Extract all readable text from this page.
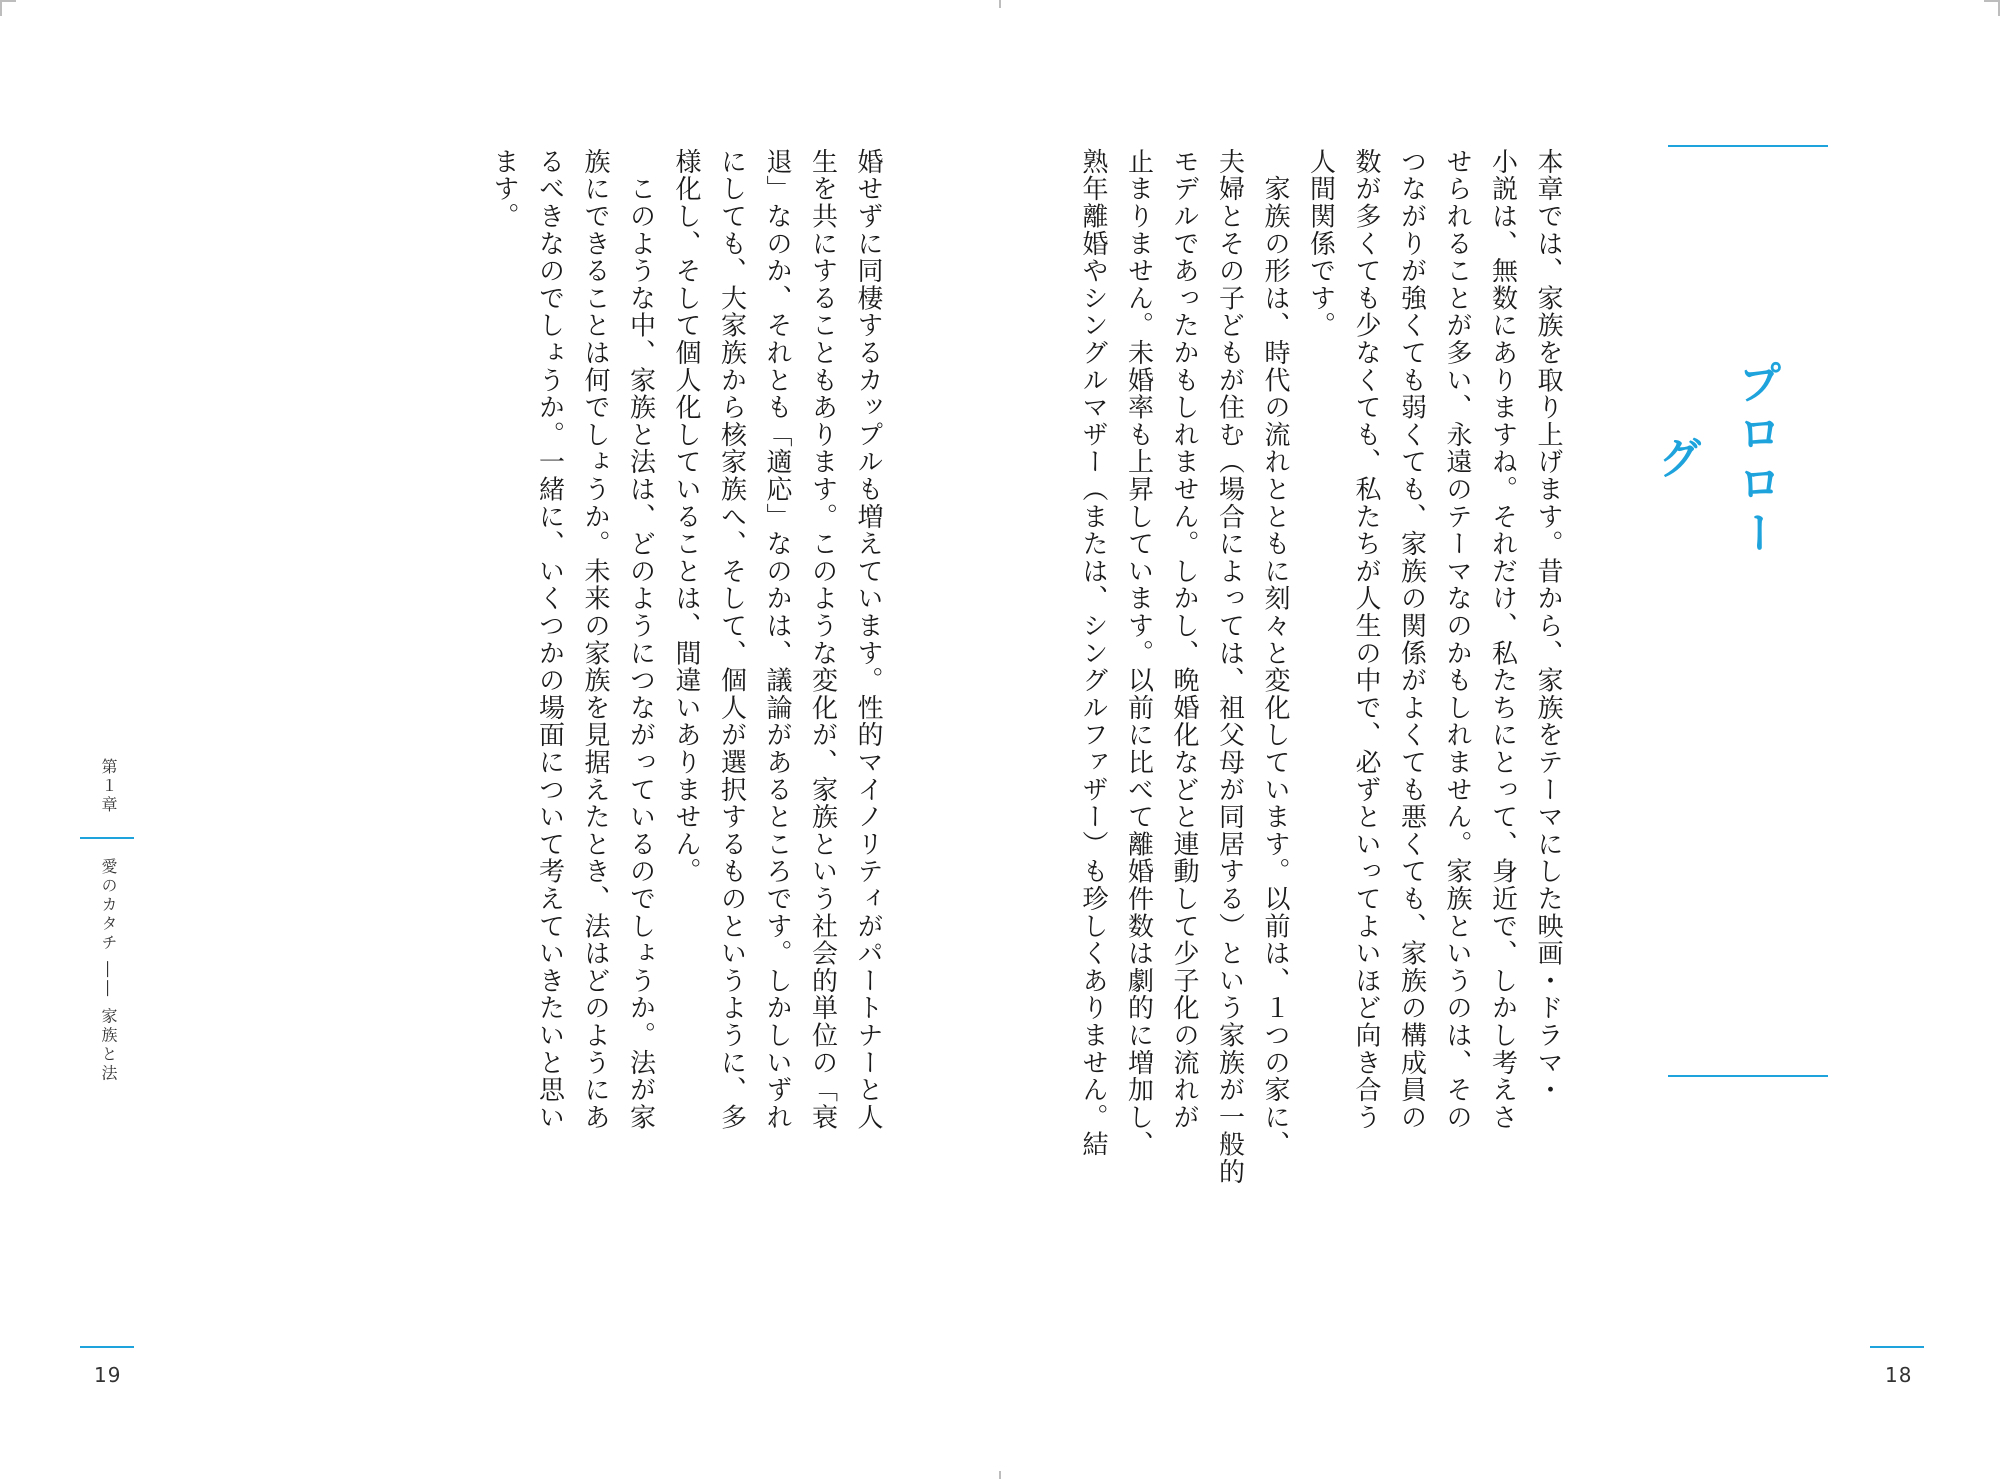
プロローグ
本章では、家族を取り上げます。昔から、家族をテーマにした映画・ドラマ・
小説は、無数にありますね。それだけ、私たちにとって、身近で、しかし考えさ
せられることが多い、永遠のテーマなのかもしれません。家族というのは、その
つながりが強くても弱くても、家族の関係がよくても悪くても、家族の構成員の
数が多くても少なくても、私たちが人生の中で、必ずといってよいほど向き合う
人間関係です。
　家族の形は、時代の流れとともに刻々と変化しています。以前は、１つの家に、
夫婦とその子どもが住む（場合によっては、祖父母が同居する）という家族が一般的
モデルであったかもしれません。しかし、晩婚化などと連動して少子化の流れが
止まりません。未婚率も上昇しています。以前に比べて離婚件数は劇的に増加し、
熟年離婚やシングルマザー（または、シングルファザー）も珍しくありません。結
婚せずに同棲するカップルも増えています。性的マイノリティがパートナーと人
生を共にすることもあります。このような変化が、家族という社会的単位の「衰
退」なのか、それとも「適応」なのかは、議論があるところです。しかしいずれ
にしても、大家族から核家族へ、そして、個人が選択するものというように、多
様化し、そして個人化していることは、間違いありません。
　このような中、家族と法は、どのようにつながっているのでしょうか。法が家
族にできることは何でしょうか。未来の家族を見据えたとき、法はどのようにあ
るべきなのでしょうか。一緒に、いくつかの場面について考えていきたいと思い
ます。
第１章
愛のカタチ ―― 家族と法
19	18
